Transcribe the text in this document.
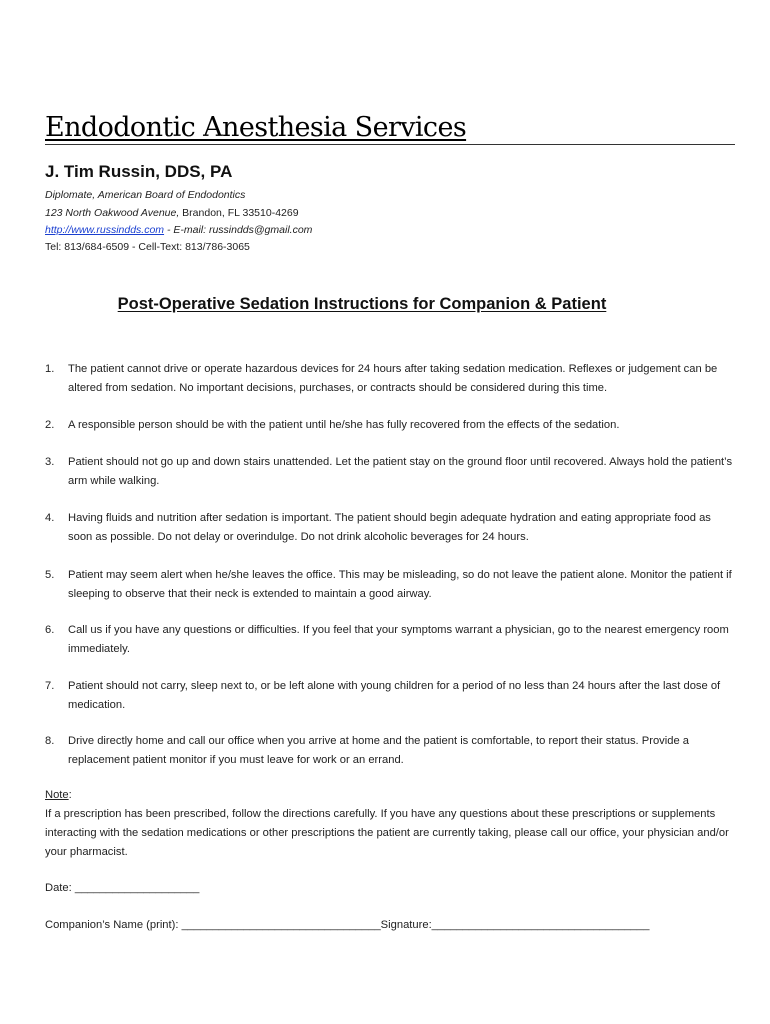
Endodontic Anesthesia Services
J. Tim Russin, DDS, PA
Diplomate, American Board of Endodontics
123 North Oakwood Avenue, Brandon, FL 33510-4269
http://www.russindds.com - E-mail: russindds@gmail.com
Tel: 813/684-6509 - Cell-Text: 813/786-3065
Post-Operative Sedation Instructions for Companion & Patient
1.	The patient cannot drive or operate hazardous devices for 24 hours after taking sedation medication. Reflexes or judgement can be altered from sedation. No important decisions, purchases, or contracts should be considered during this time.
2.	A responsible person should be with the patient until he/she has fully recovered from the effects of the sedation.
3.	Patient should not go up and down stairs unattended. Let the patient stay on the ground floor until recovered. Always hold the patient’s arm while walking.
4.	Having fluids and nutrition after sedation is important. The patient should begin adequate hydration and eating appropriate food as soon as possible. Do not delay or overindulge. Do not drink alcoholic beverages for 24 hours.
5.	Patient may seem alert when he/she leaves the office. This may be misleading, so do not leave the patient alone. Monitor the patient if sleeping to observe that their neck is extended to maintain a good airway.
6.	Call us if you have any questions or difficulties. If you feel that your symptoms warrant a physician, go to the nearest emergency room immediately.
7.	Patient should not carry, sleep next to, or be left alone with young children for a period of no less than 24 hours after the last dose of medication.
8.	Drive directly home and call our office when you arrive at home and the patient is comfortable, to report their status. Provide a replacement patient monitor if you must leave for work or an errand.
Note:
If a prescription has been prescribed, follow the directions carefully. If you have any questions about these prescriptions or supplements interacting with the sedation medications or other prescriptions the patient are currently taking, please call our office, your physician and/or your pharmacist.
Date: ____________________
Companion’s Name (print): ________________________________Signature:___________________________________
